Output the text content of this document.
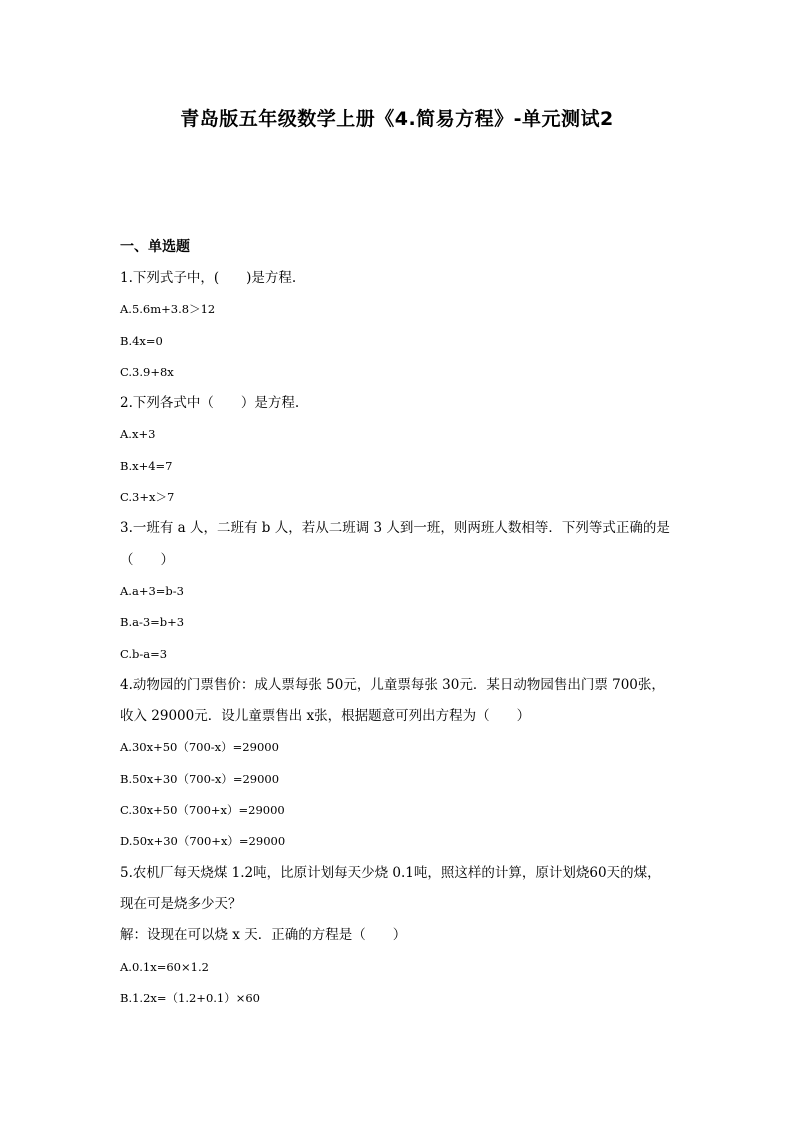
青岛版五年级数学上册《4.简易方程》-单元测试2
一、单选题
1.下列式子中，(　　)是方程.
A.5.6m+3.8＞12
B.4x=0
C.3.9+8x
2.下列各式中（　　）是方程.
A.x+3
B.x+4=7
C.3+x＞7
3.一班有 a 人，二班有 b 人，若从二班调 3 人到一班，则两班人数相等．下列等式正确的是
（　　）
A.a+3=b-3
B.a-3=b+3
C.b-a=3
4.动物园的门票售价：成人票每张 50元，儿童票每张 30元．某日动物园售出门票 700张，
收入 29000元．设儿童票售出 x张，根据题意可列出方程为（　　）
A.30x+50（700-x）=29000
B.50x+30（700-x）=29000
C.30x+50（700+x）=29000
D.50x+30（700+x）=29000
5.农机厂每天烧煤 1.2吨，比原计划每天少烧 0.1吨，照这样的计算，原计划烧60天的煤，
现在可是烧多少天？
解：设现在可以烧 x 天．正确的方程是（　　）
A.0.1x=60×1.2
B.1.2x=（1.2+0.1）×60
